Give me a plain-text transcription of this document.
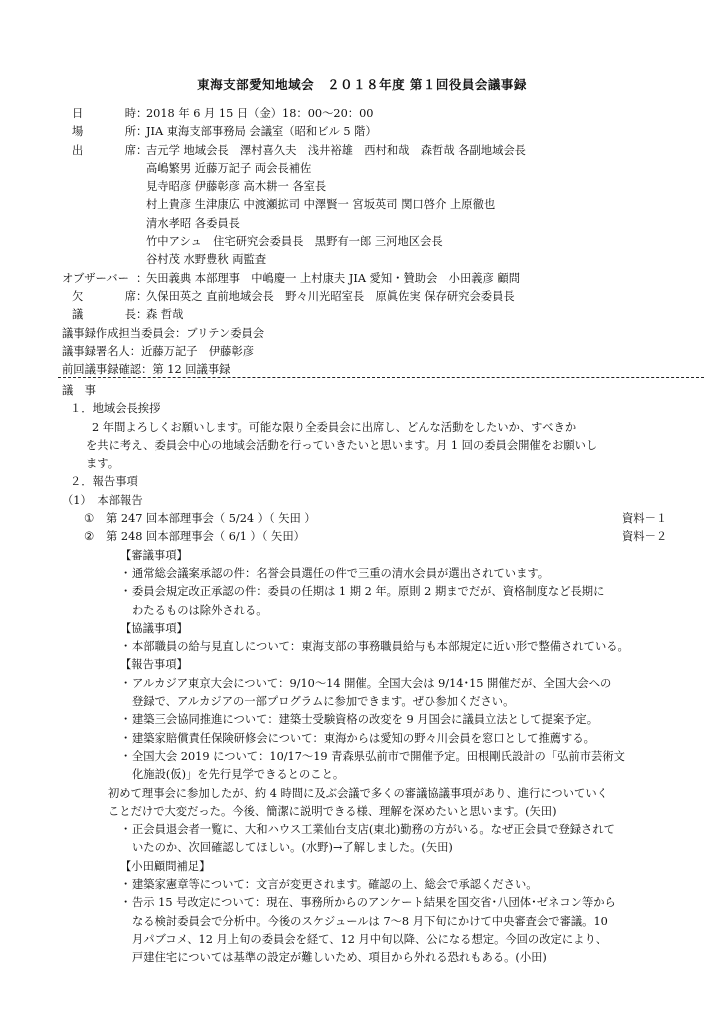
東海支部愛知地域会　２０１８年度 第１回役員会議事録
日	時 ：
2018 年 6 月 15 日（金）18：00～20：00
場	所 ：
JIA 東海支部事務局 会議室（昭和ビル 5 階）
出	席 ：
吉元学 地域会長　澤村喜久夫　浅井裕雄　西村和哉　森哲哉 各副地域会長
高嶋繁男 近藤万記子 両会長補佐
見寺昭彦 伊藤彰彦 高木耕一 各室長
村上貴彦 生津康広 中渡瀬拡司 中澤賢一 宮坂英司 関口啓介 上原徹也
清水孝昭 各委員長
竹中アシュ　住宅研究会委員長　黒野有一郎 三河地区会長
谷村茂 水野豊秋 両監査
オブザーバー ：
矢田義典 本部理事　中嶋慶一 上村康夫 JIA 愛知・贊助会　小田義彦 顧問
欠	席 ：
久保田英之 直前地域会長　野々川光昭室長　原眞佐実 保存研究会委員長
議	長 ：
森 哲哉
議事録作成担当委員会：ブリテン委員会
議事録署名人：近藤万記子　伊藤彰彦
前回議事録確認：第 12 回議事録
議　事
１．地域会長挨拶
2 年間よろしくお願いします。可能な限り全委員会に出席し、どんな活動をしたいか、すべきか
を共に考え、委員会中心の地域会活動を行っていきたいと思います。月 1 回の委員会開催をお願いし
ます。
２．報告事項
（1）　本部報告
①	第 247 回本部理事会（ 5/24 ）（ 矢田 ）	資料－１
②	第 248 回本部理事会（ 6/1 ）（ 矢田）	資料－２
【審議事項】
・ 通常総会議案承認の件：名誉会員選任の件で三重の清水会員が選出されています。
・ 委員会規定改正承認の件：委員の任期は 1 期 2 年。原則 2 期までだが、資格制度など長期に
わたるものは除外される。
【協議事項】
・ 本部職員の給与見直しについて：東海支部の事務職員給与も本部規定に近い形で整備されている。
【報告事項】
・ アルカジア東京大会について：9/10～14 開催。全国大会は 9/14･15 開催だが、全国大会への
登録で、アルカジアの一部プログラムに参加できます。ぜひ参加ください。
・ 建築三会協同推進について：建築士受験資格の改変を 9 月国会に議員立法として提案予定。
・ 建築家賠償責任保険研修会について：東海からは愛知の野々川会員を窓口として推薦する。
・ 全国大会 2019 について：10/17～19 青森県弘前市で開催予定。田根剛氏設計の「弘前市芸術文
化施設(仮)」を先行見学できるとのこと。
初めて理事会に参加したが、約 4 時間に及ぶ会議で多くの審議協議事項があり、進行についていく
ことだけで大変だった。今後、簡潔に説明できる様、理解を深めたいと思います。(矢田)
・ 正会員退会者一覧に、大和ハウス工業仙台支店(東北)勤務の方がいる。なぜ正会員で登録されて
いたのか、次回確認してほしい。(水野)→了解しました。(矢田)
【小田顧問補足】
・ 建築家憲章等について：文言が変更されます。確認の上、総会で承認ください。
・ 告示 15 号改定について：現在、事務所からのアンケート結果を国交省･八団体･ゼネコン等から
なる検討委員会で分析中。今後のスケジュールは 7～8 月下旬にかけて中央審査会で審議。10
月パブコメ、12 月上旬の委員会を経て、12 月中旬以降、公になる想定。今回の改定により、
戸建住宅については基準の設定が難しいため、項目から外れる恐れもある。(小田)
